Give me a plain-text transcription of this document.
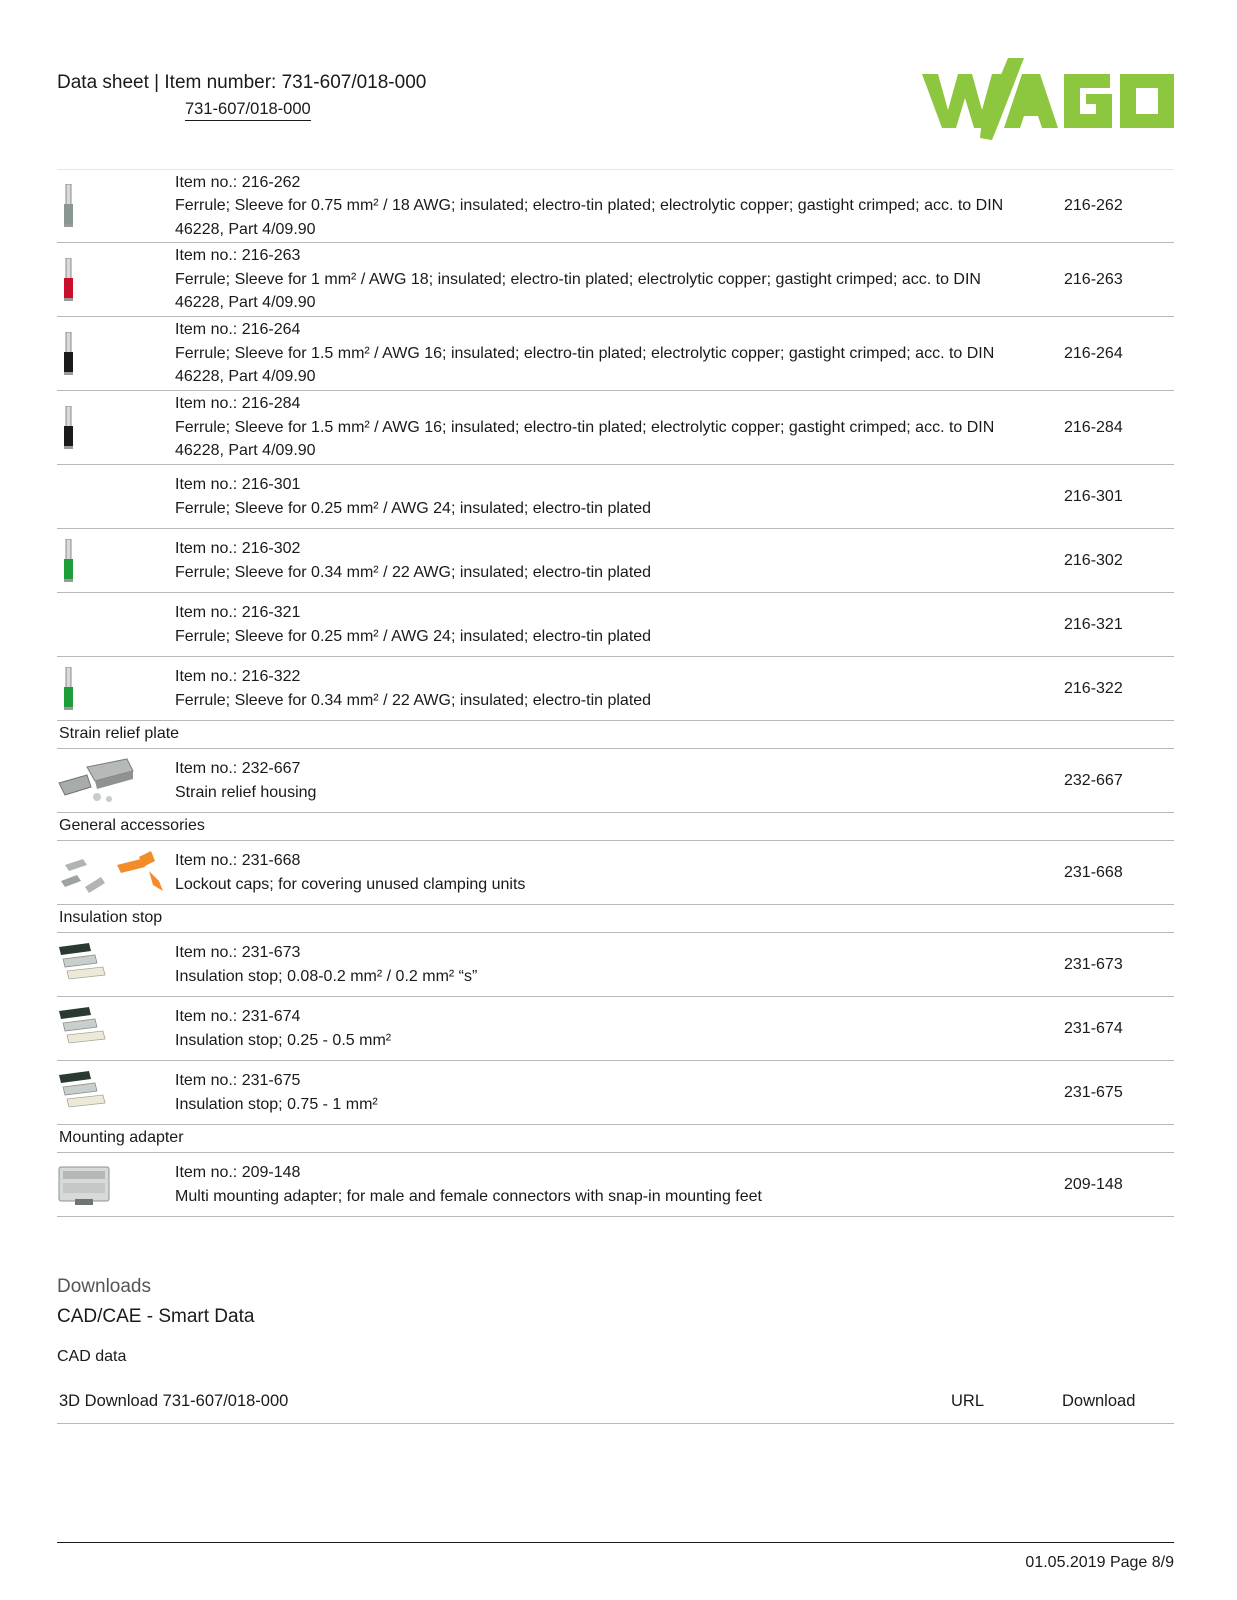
Data sheet | Item number: 731-607/018-000
731-607/018-000
Item no.: 216-262
Ferrule; Sleeve for 0.75 mm² / 18 AWG; insulated; electro-tin plated; electrolytic copper; gastight crimped; acc. to DIN 46228, Part 4/09.90
216-262
Item no.: 216-263
Ferrule; Sleeve for 1 mm² / AWG 18; insulated; electro-tin plated; electrolytic copper; gastight crimped; acc. to DIN 46228, Part 4/09.90
216-263
Item no.: 216-264
Ferrule; Sleeve for 1.5 mm² / AWG 16; insulated; electro-tin plated; electrolytic copper; gastight crimped; acc. to DIN 46228, Part 4/09.90
216-264
Item no.: 216-284
Ferrule; Sleeve for 1.5 mm² / AWG 16; insulated; electro-tin plated; electrolytic copper; gastight crimped; acc. to DIN 46228, Part 4/09.90
216-284
Item no.: 216-301
Ferrule; Sleeve for 0.25 mm² / AWG 24; insulated; electro-tin plated
216-301
Item no.: 216-302
Ferrule; Sleeve for 0.34 mm² / 22 AWG; insulated; electro-tin plated
216-302
Item no.: 216-321
Ferrule; Sleeve for 0.25 mm² / AWG 24; insulated; electro-tin plated
216-321
Item no.: 216-322
Ferrule; Sleeve for 0.34 mm² / 22 AWG; insulated; electro-tin plated
216-322
Strain relief plate
Item no.: 232-667
Strain relief housing
232-667
General accessories
Item no.: 231-668
Lockout caps; for covering unused clamping units
231-668
Insulation stop
Item no.: 231-673
Insulation stop; 0.08-0.2 mm² / 0.2 mm² “s”
231-673
Item no.: 231-674
Insulation stop; 0.25 - 0.5 mm²
231-674
Item no.: 231-675
Insulation stop; 0.75 - 1 mm²
231-675
Mounting adapter
Item no.: 209-148
Multi mounting adapter; for male and female connectors with snap-in mounting feet
209-148
Downloads
CAD/CAE - Smart Data
CAD data
3D Download 731-607/018-000	URL	Download
01.05.2019 Page 8/9
